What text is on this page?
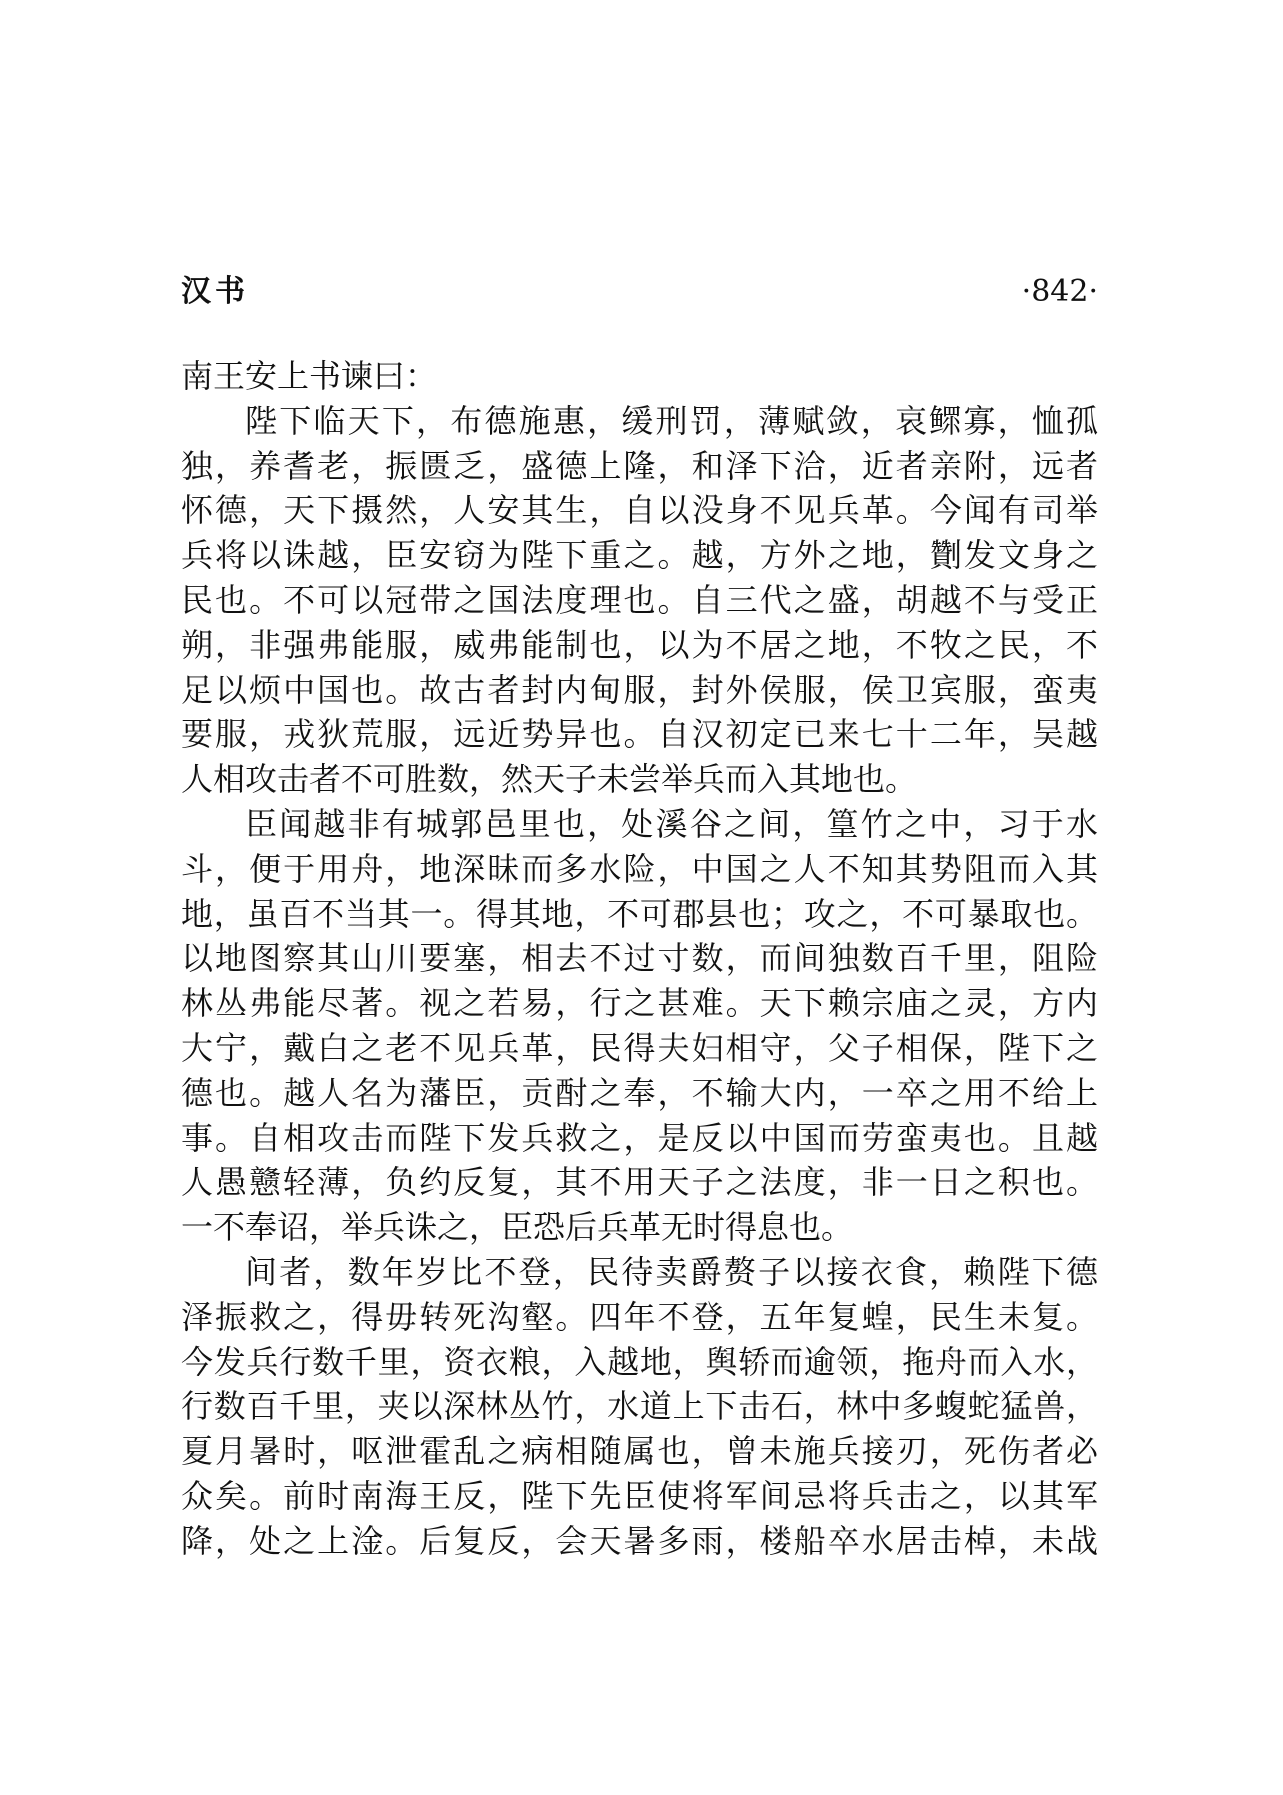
汉书	·842·

南王安上书谏曰：

陛下临天下，布德施惠，缓刑罚，薄赋敛，哀鳏寡，恤孤
独，养耆老，振匮乏，盛德上隆，和泽下洽，近者亲附，远者
怀德，天下摄然，人安其生，自以没身不见兵革。今闻有司举
兵将以诛越，臣安窃为陛下重之。越，方外之地，劗发文身之
民也。不可以冠带之国法度理也。自三代之盛，胡越不与受正
朔，非强弗能服，威弗能制也，以为不居之地，不牧之民，不
足以烦中国也。故古者封内甸服，封外侯服，侯卫宾服，蛮夷
要服，戎狄荒服，远近势异也。自汉初定已来七十二年，吴越
人相攻击者不可胜数，然天子未尝举兵而入其地也。

臣闻越非有城郭邑里也，处溪谷之间，篁竹之中，习于水
斗，便于用舟，地深昧而多水险，中国之人不知其势阻而入其
地，虽百不当其一。得其地，不可郡县也；攻之，不可暴取也。
以地图察其山川要塞，相去不过寸数，而间独数百千里，阻险
林丛弗能尽著。视之若易，行之甚难。天下赖宗庙之灵，方内
大宁，戴白之老不见兵革，民得夫妇相守，父子相保，陛下之
德也。越人名为藩臣，贡酎之奉，不输大内，一卒之用不给上
事。自相攻击而陛下发兵救之，是反以中国而劳蛮夷也。且越
人愚戆轻薄，负约反复，其不用天子之法度，非一日之积也。
一不奉诏，举兵诛之，臣恐后兵革无时得息也。

间者，数年岁比不登，民待卖爵赘子以接衣食，赖陛下德
泽振救之，得毋转死沟壑。四年不登，五年复蝗，民生未复。
今发兵行数千里，资衣粮，入越地，舆轿而逾领，拖舟而入水，
行数百千里，夹以深林丛竹，水道上下击石，林中多蝮蛇猛兽，
夏月暑时，呕泄霍乱之病相随属也，曾未施兵接刃，死伤者必
众矣。前时南海王反，陛下先臣使将军间忌将兵击之，以其军
降，处之上淦。后复反，会天暑多雨，楼船卒水居击棹，未战
